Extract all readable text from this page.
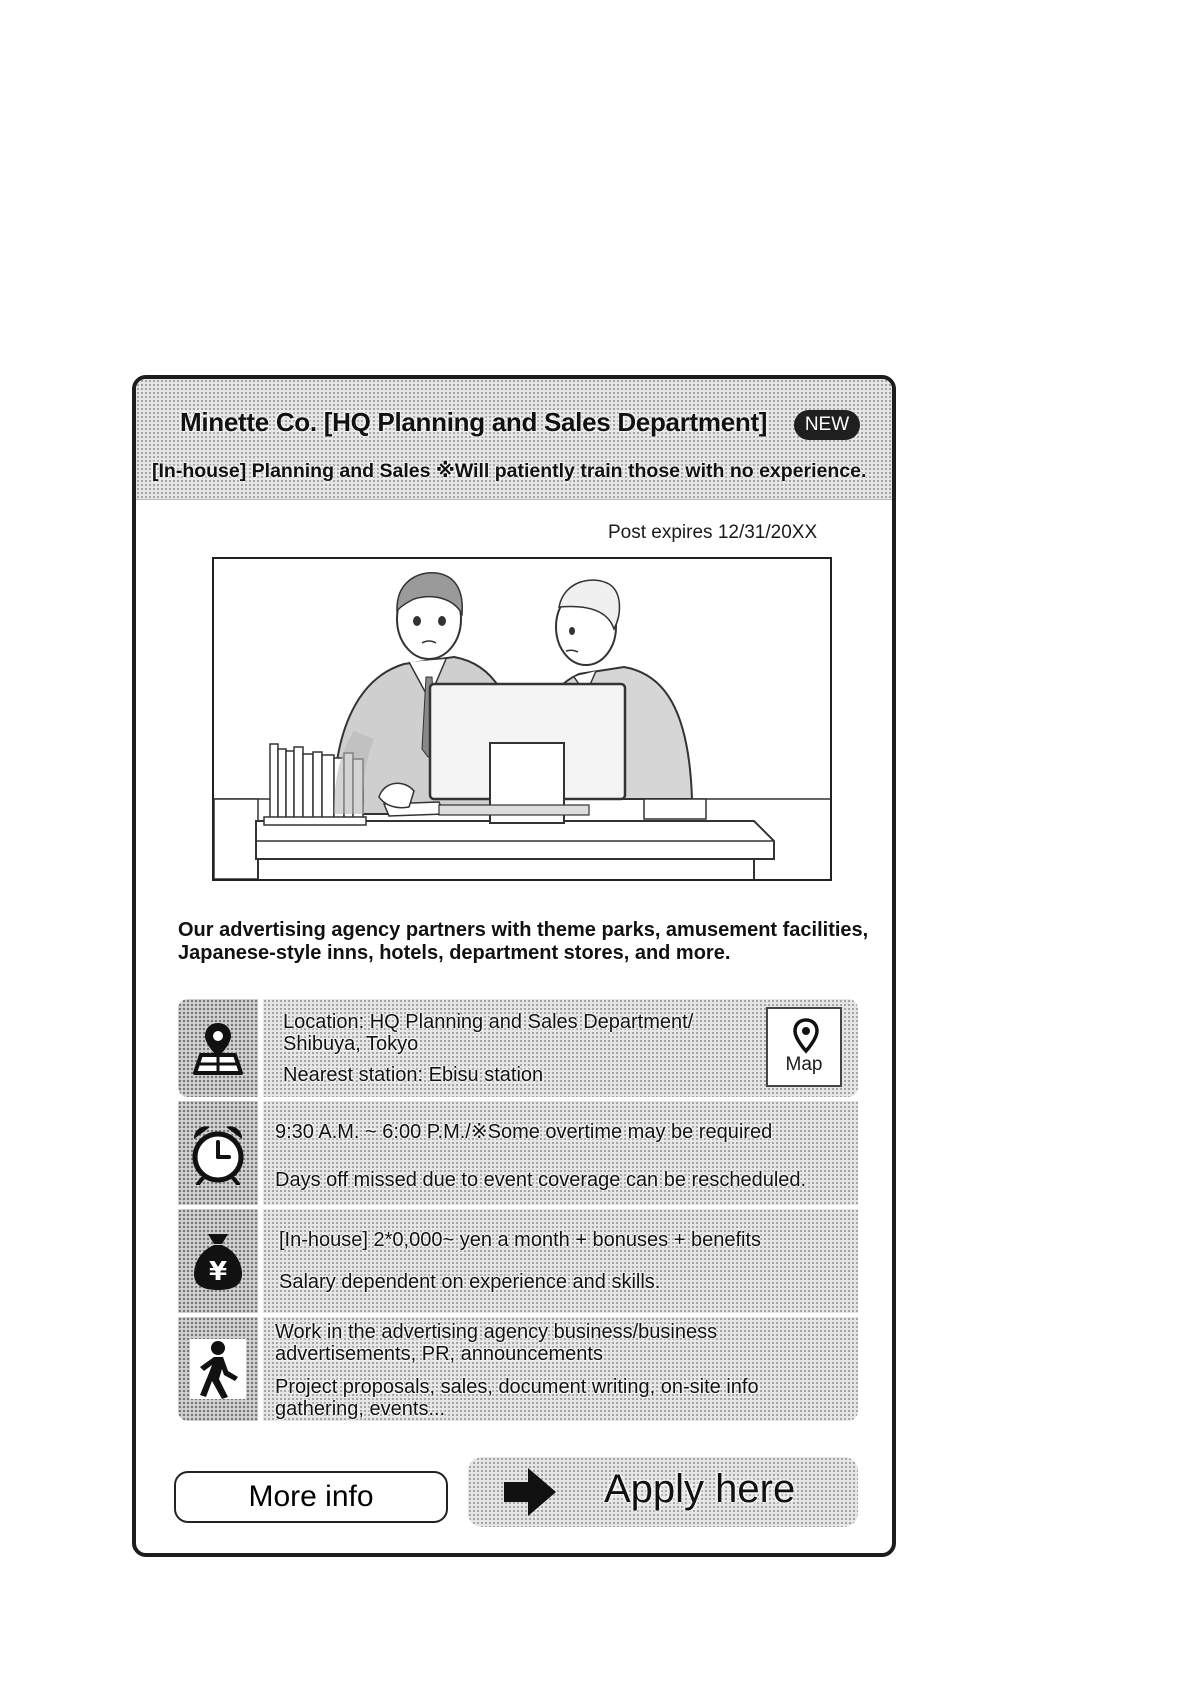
Minette Co. [HQ Planning and Sales Department]	NEW
[In-house] Planning and Sales ※Will patiently train those with no experience.
Post expires 12/31/20XX
Our advertising agency partners with theme parks, amusement facilities, Japanese-style inns, hotels, department stores, and more.
Location: HQ Planning and Sales Department/
Shibuya, Tokyo
Nearest station: Ebisu station	Map
9:30 A.M. ~ 6:00 P.M./※Some overtime may be required
Days off missed due to event coverage can be rescheduled.
¥
[In-house] 2*0,000~ yen a month + bonuses + benefits
Salary dependent on experience and skills.
Work in the advertising agency business/business
advertisements, PR, announcements
Project proposals, sales, document writing, on-site info
gathering, events...
More info	Apply here
